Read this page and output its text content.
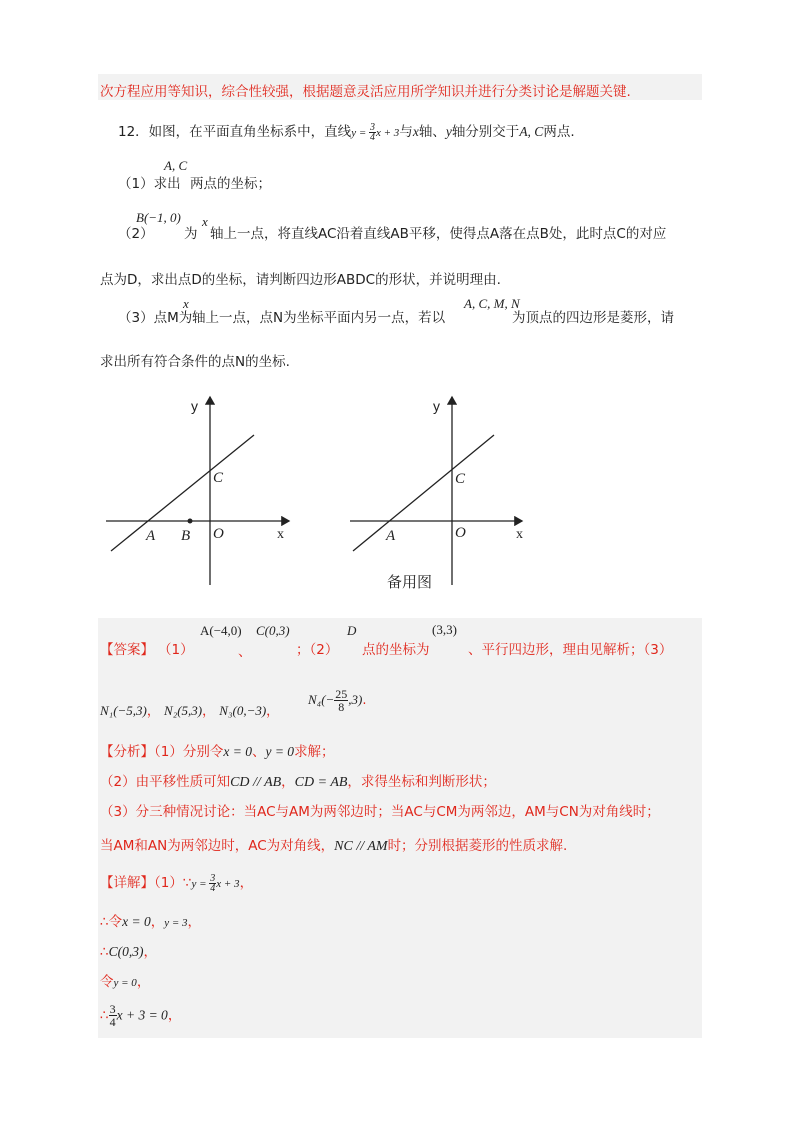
次方程应用等知识，综合性较强，根据题意灵活应用所学知识并进行分类讨论是解题关键.
12．如图，在平面直角坐标系中，直线$y = \frac{3}{4}$ x + 3与x轴、y轴分别交于A, C两点.
（1）求出
A, C
两点的坐标；
（2）
B(−1, 0)
为
x
轴上一点，将直线AC沿着直线AB平移，使得点A落在点B处，此时点C的对应
点为D，求出点D的坐标，请判断四边形ABDC的形状，并说明理由.
（3）点M为
x
轴上一点，点N为坐标平面内另一点，若以
A, C, M, N
为顶点的四边形是菱形，请
求出所有符合条件的点N的坐标.
y
x
C
O
A B
y
x
C
O
A
备用图
【答案】 （1）
A(−4,0)
、
C(0,3)
；（2）
D
点的坐标为
(3,3)
、平行四边形，理由见解析；（3）
N₁(−5,3)， N₂(5,3)， N₃(0,−3)，
$N_4(- \frac{25}{8} ,3)$.
【分析】（1）分别令x = 0、y = 0求解；
（2）由平移性质可知CD // AB，CD = AB，求得坐标和判断形状；
（3）分三种情况讨论：当AC与AM为两邻边时；当AC与CM为两邻边，AM与CN为对角线时；
当AM和AN为两邻边时，AC为对角线，NC // AM时；分别根据菱形的性质求解.
【详解】（1）∵y = $\frac{3}{4}$ x + 3，
∴令x = 0，y = 3，
∴C(0,3)，
令y = 0，
∴ $\frac{3}{4}$ x + 3 = 0，
